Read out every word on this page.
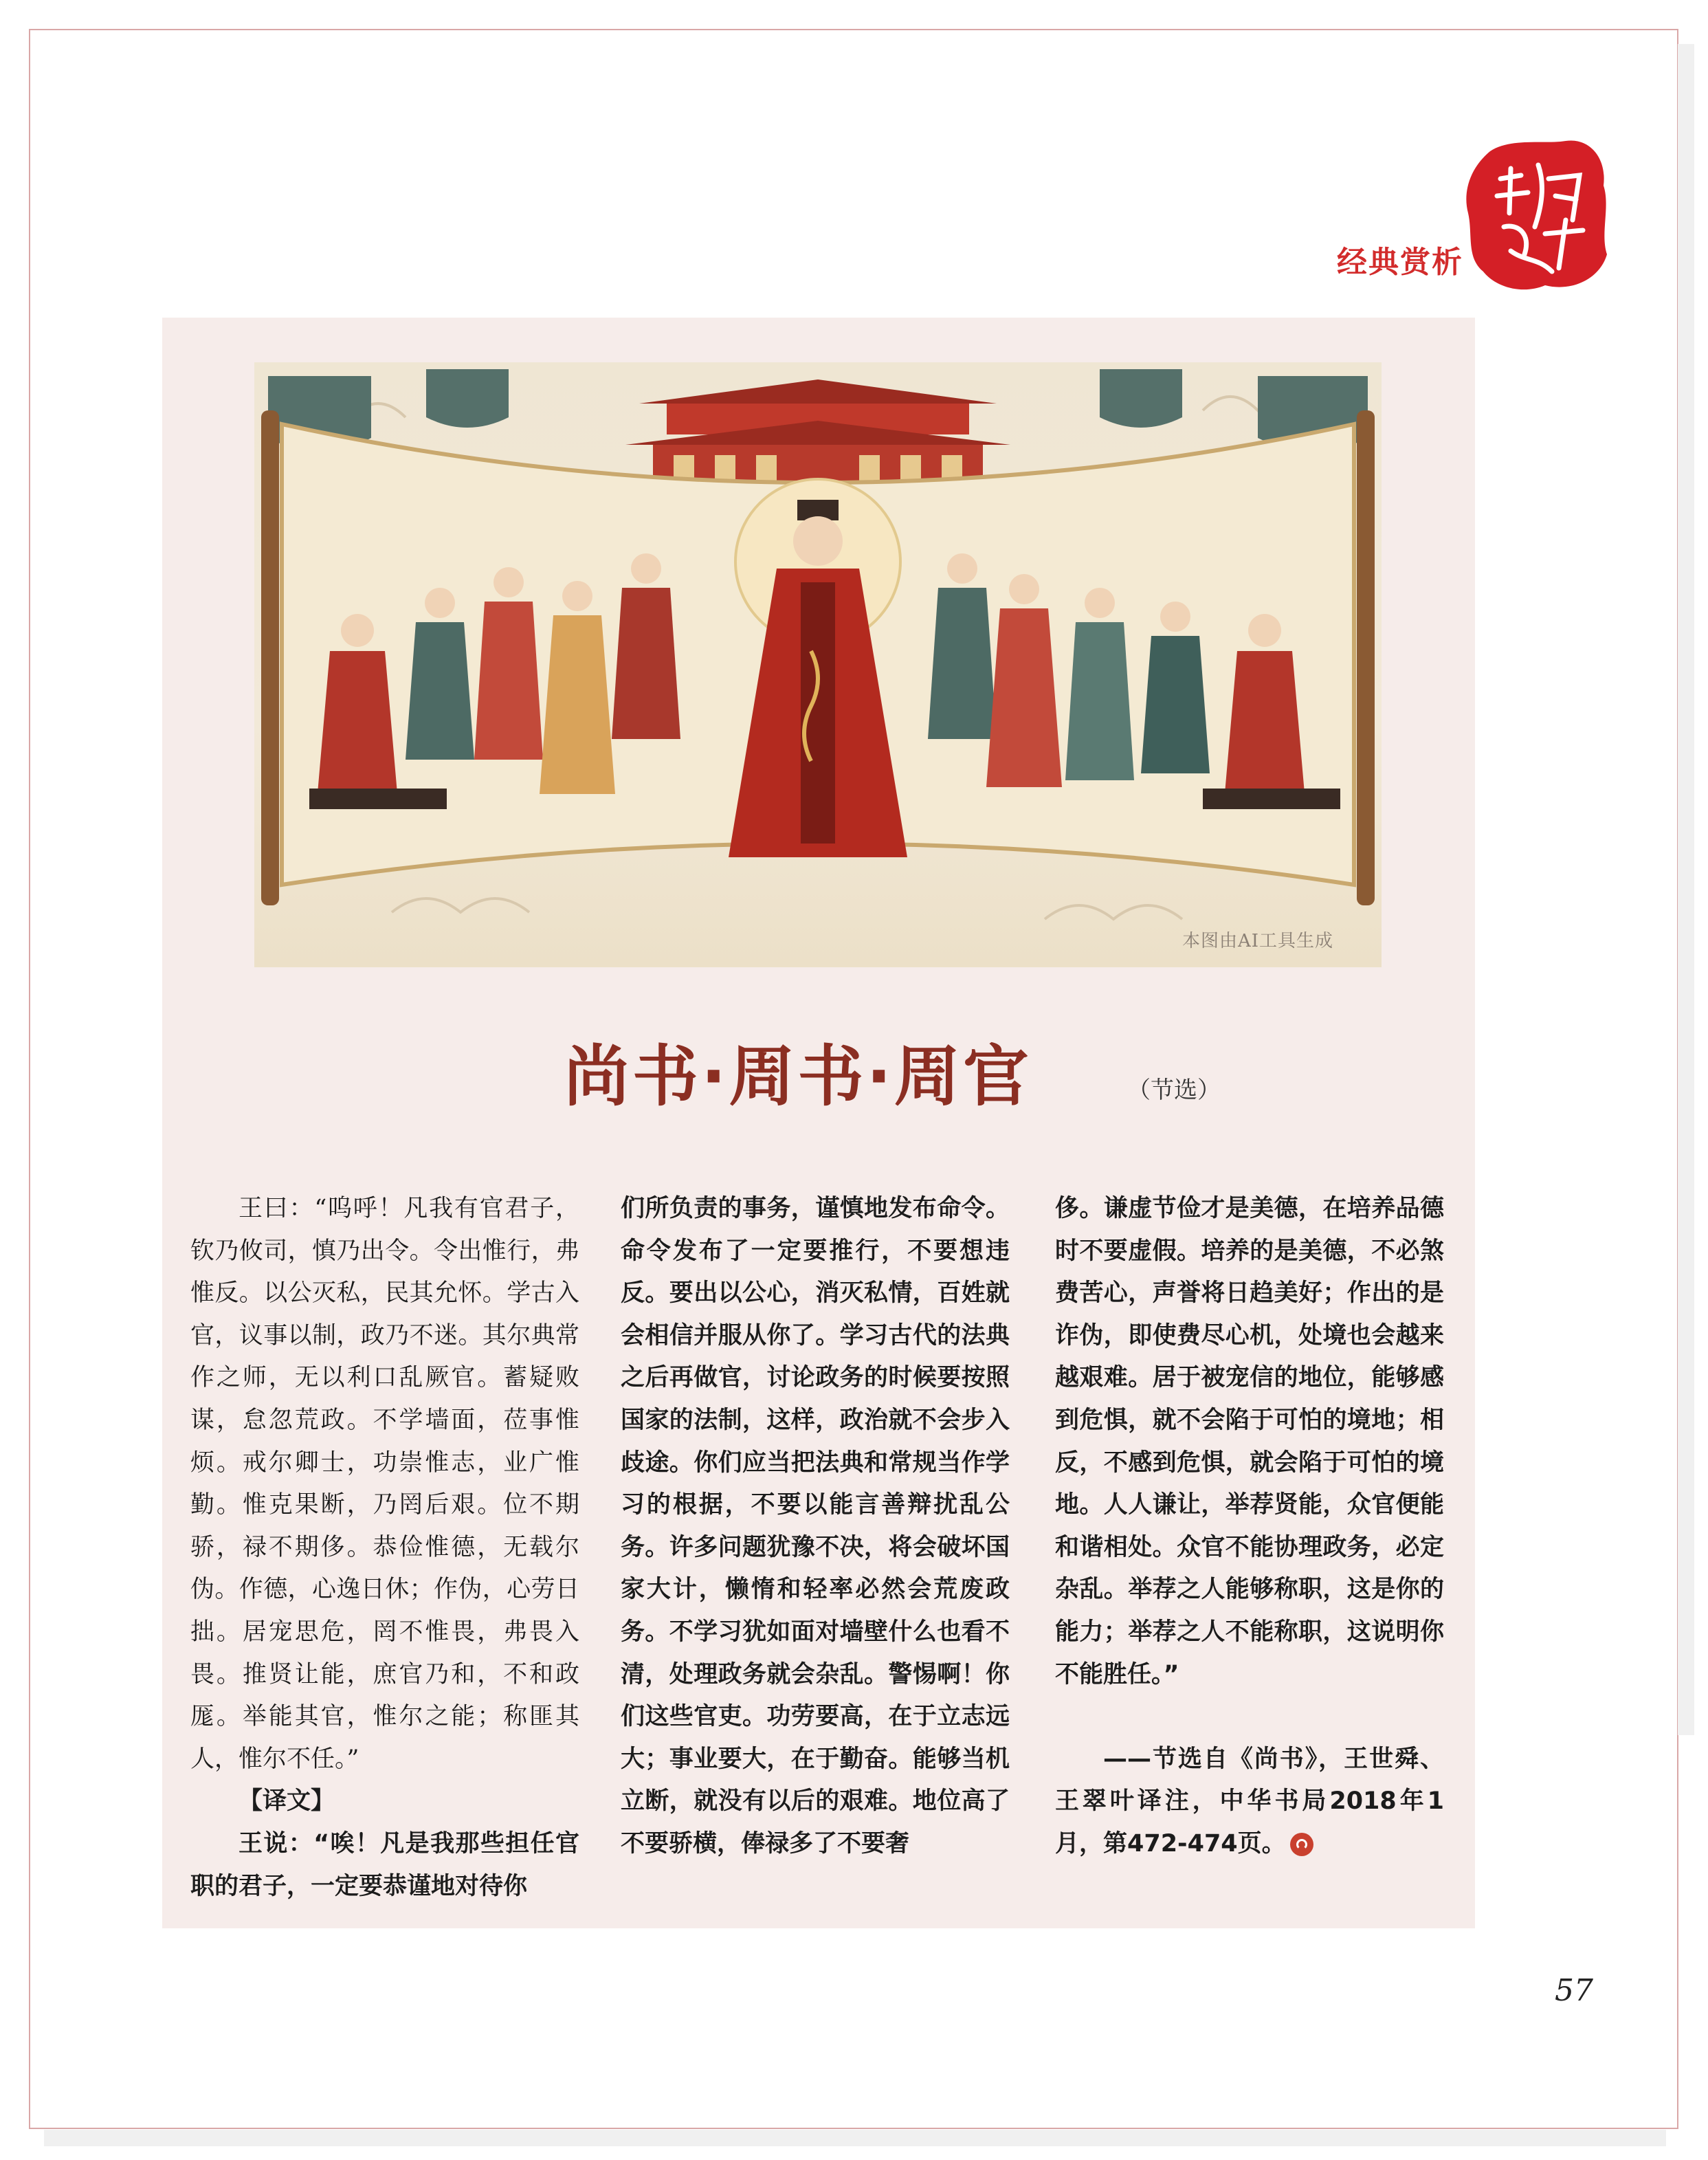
经典赏析
本图由AI工具生成
尚书·周书·周官	（节选）

王曰：“呜呼！凡我有官君子，钦乃攸司，慎乃出令。令出惟行，弗惟反。以公灭私，民其允怀。学古入官，议事以制，政乃不迷。其尔典常作之师，无以利口乱厥官。蓄疑败谋，怠忽荒政。不学墙面，莅事惟烦。戒尔卿士，功崇惟志，业广惟勤。惟克果断，乃罔后艰。位不期骄，禄不期侈。恭俭惟德，无载尔伪。作德，心逸日休；作伪，心劳日拙。居宠思危，罔不惟畏，弗畏入畏。推贤让能，庶官乃和，不和政厖。举能其官，惟尔之能；称匪其人，惟尔不任。”

【译文】

王说：“唉！凡是我那些担任官职的君子，一定要恭谨地对待你

们所负责的事务，谨慎地发布命令。命令发布了一定要推行，不要想违反。要出以公心，消灭私情，百姓就会相信并服从你了。学习古代的法典之后再做官，讨论政务的时候要按照国家的法制，这样，政治就不会步入歧途。你们应当把法典和常规当作学习的根据，不要以能言善辩扰乱公务。许多问题犹豫不决，将会破坏国家大计，懒惰和轻率必然会荒废政务。不学习犹如面对墙壁什么也看不清，处理政务就会杂乱。警惕啊！你们这些官吏。功劳要高，在于立志远大；事业要大，在于勤奋。能够当机立断，就没有以后的艰难。地位高了不要骄横，俸禄多了不要奢

侈。谦虚节俭才是美德，在培养品德时不要虚假。培养的是美德，不必煞费苦心，声誉将日趋美好；作出的是诈伪，即使费尽心机，处境也会越来越艰难。居于被宠信的地位，能够感到危惧，就不会陷于可怕的境地；相反，不感到危惧，就会陷于可怕的境地。人人谦让，举荐贤能，众官便能和谐相处。众官不能协理政务，必定杂乱。举荐之人能够称职，这是你的能力；举荐之人不能称职，这说明你不能胜任。”

——节选自《尚书》，王世舜、王翠叶译注，中华书局2018年1月，第472-474页。

57
